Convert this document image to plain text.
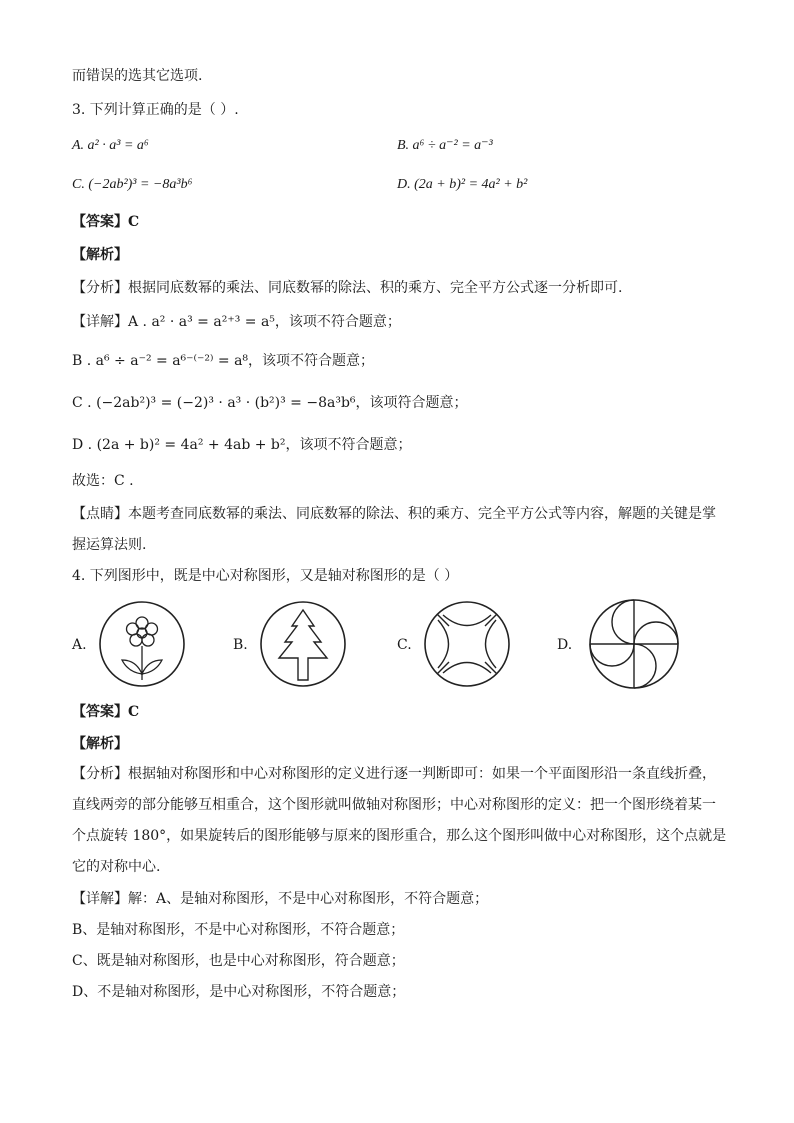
而错误的选其它选项.
3. 下列计算正确的是（ ）.
A. a² · a³ = a⁶	B. a⁶ ÷ a⁻² = a⁻³
C. (−2ab²)³ = −8a³b⁶	D. (2a + b)² = 4a² + b²
【答案】C
【解析】
【分析】根据同底数幂的乘法、同底数幂的除法、积的乘方、完全平方公式逐一分析即可.
【详解】A . a² · a³ = a²⁺³ = a⁵，该项不符合题意；
B . a⁶ ÷ a⁻² = a⁶⁻⁽⁻²⁾ = a⁸，该项不符合题意；
C . (−2ab²)³ = (−2)³ · a³ · (b²)³ = −8a³b⁶，该项符合题意；
D . (2a + b)² = 4a² + 4ab + b²，该项不符合题意；
故选：C .
【点睛】本题考查同底数幂的乘法、同底数幂的除法、积的乘方、完全平方公式等内容，解题的关键是掌
握运算法则.
4. 下列图形中，既是中心对称图形，又是轴对称图形的是（ ）
A.	B.	C.	D.
【答案】C
【解析】
【分析】根据轴对称图形和中心对称图形的定义进行逐一判断即可：如果一个平面图形沿一条直线折叠，
直线两旁的部分能够互相重合，这个图形就叫做轴对称图形；中心对称图形的定义：把一个图形绕着某一
个点旋转 180°，如果旋转后的图形能够与原来的图形重合，那么这个图形叫做中心对称图形，这个点就是
它的对称中心.
【详解】解：A、是轴对称图形，不是中心对称图形，不符合题意；
B、是轴对称图形，不是中心对称图形，不符合题意；
C、既是轴对称图形，也是中心对称图形，符合题意；
D、不是轴对称图形，是中心对称图形，不符合题意；
